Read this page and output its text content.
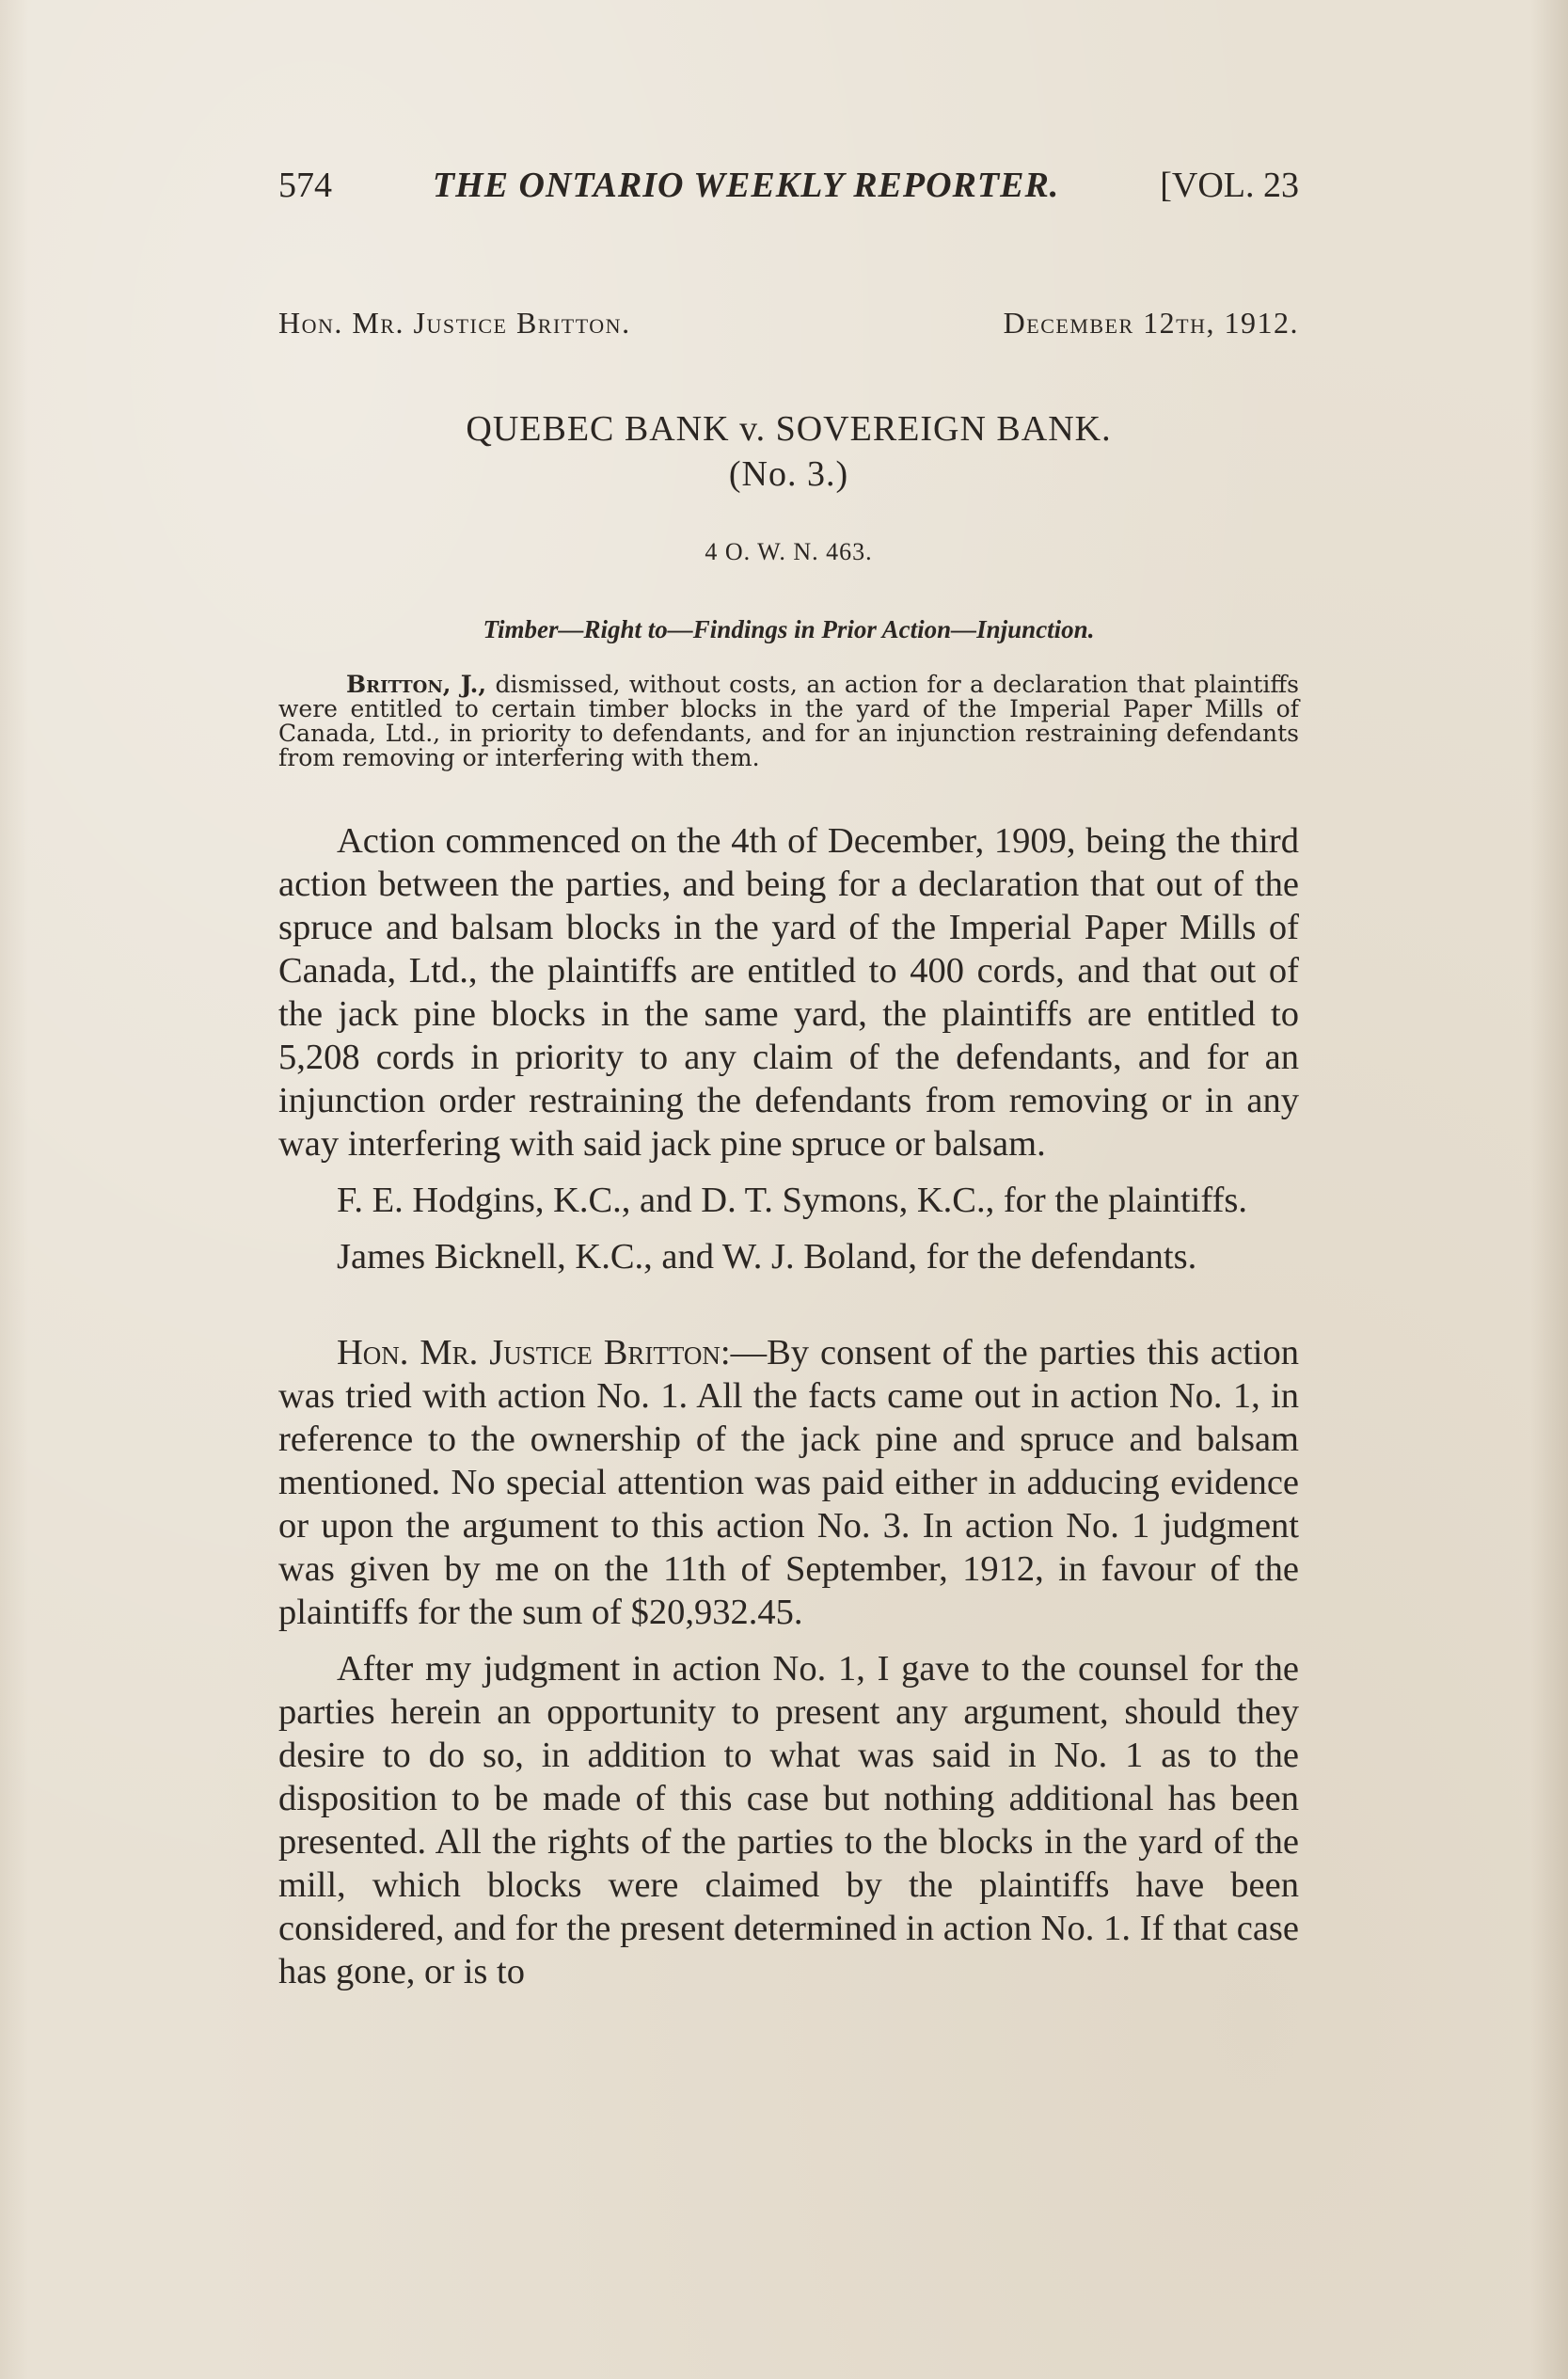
574	THE ONTARIO WEEKLY REPORTER.	[VOL. 23
Hon. Mr. Justice Britton.	December 12th, 1912.
QUEBEC BANK v. SOVEREIGN BANK.
(No. 3.)
4 O. W. N. 463.
Timber—Right to—Findings in Prior Action—Injunction.

Britton, J., dismissed, without costs, an action for a declaration that plaintiffs were entitled to certain timber blocks in the yard of the Imperial Paper Mills of Canada, Ltd., in priority to defendants, and for an injunction restraining defendants from removing or interfering with them.

Action commenced on the 4th of December, 1909, being the third action between the parties, and being for a declaration that out of the spruce and balsam blocks in the yard of the Imperial Paper Mills of Canada, Ltd., the plaintiffs are entitled to 400 cords, and that out of the jack pine blocks in the same yard, the plaintiffs are entitled to 5,208 cords in priority to any claim of the defendants, and for an injunction order restraining the defendants from removing or in any way interfering with said jack pine spruce or balsam.

F. E. Hodgins, K.C., and D. T. Symons, K.C., for the plaintiffs.

James Bicknell, K.C., and W. J. Boland, for the defendants.

Hon. Mr. Justice Britton:—By consent of the parties this action was tried with action No. 1. All the facts came out in action No. 1, in reference to the ownership of the jack pine and spruce and balsam mentioned. No special attention was paid either in adducing evidence or upon the argument to this action No. 3. In action No. 1 judgment was given by me on the 11th of September, 1912, in favour of the plaintiffs for the sum of $20,932.45.

After my judgment in action No. 1, I gave to the counsel for the parties herein an opportunity to present any argument, should they desire to do so, in addition to what was said in No. 1 as to the disposition to be made of this case but nothing additional has been presented. All the rights of the parties to the blocks in the yard of the mill, which blocks were claimed by the plaintiffs have been considered, and for the present determined in action No. 1. If that case has gone, or is to
